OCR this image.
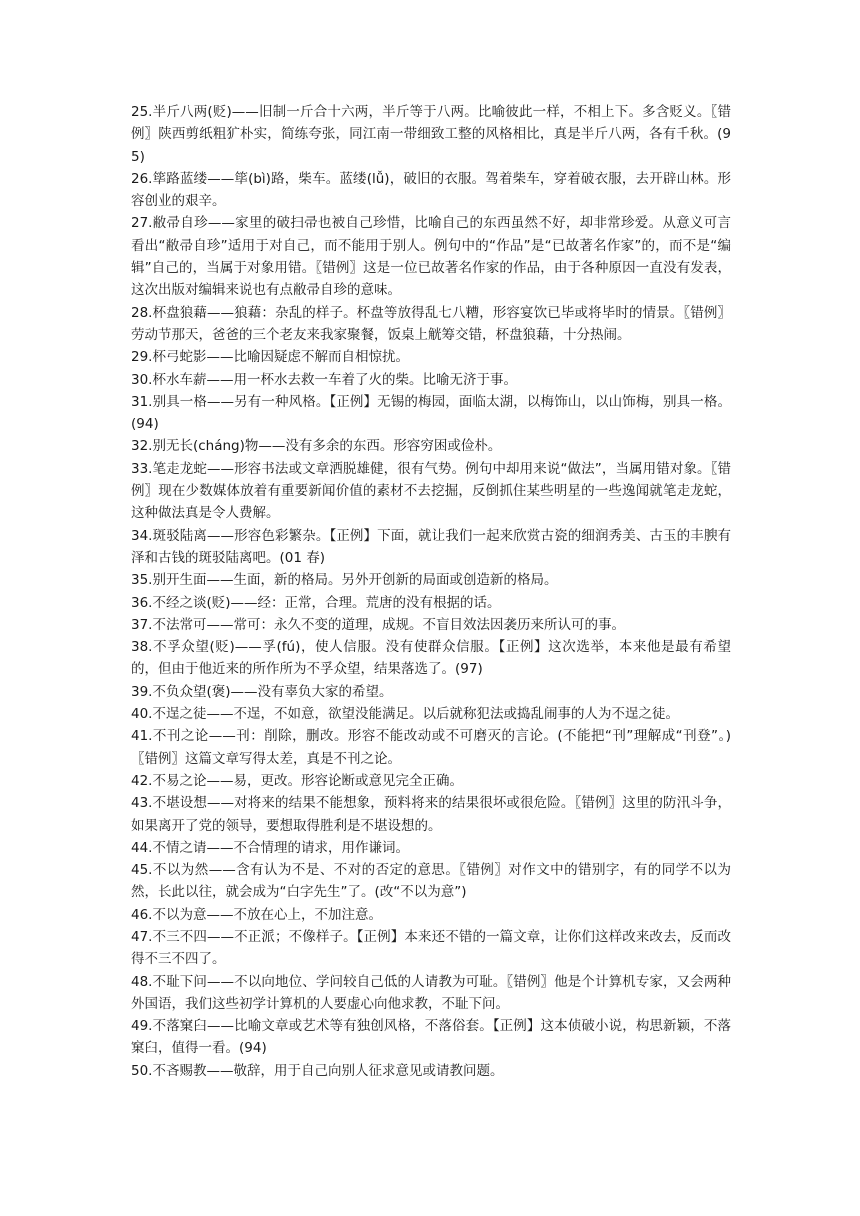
25.半斤八两(贬)——旧制一斤合十六两，半斤等于八两。比喻彼此一样，不相上下。多含贬义。〖错例〗陕西剪纸粗犷朴实，简练夸张，同江南一带细致工整的风格相比，真是半斤八两，各有千秋。(95)

26.筚路蓝缕——筚(bì)路，柴车。蓝缕(lǚ)，破旧的衣服。驾着柴车，穿着破衣服，去开辟山林。形容创业的艰辛。

27.敝帚自珍——家里的破扫帚也被自己珍惜，比喻自己的东西虽然不好，却非常珍爱。从意义可言看出“敝帚自珍”适用于对自己，而不能用于别人。例句中的“作品”是“已故著名作家”的，而不是“编辑”自己的，当属于对象用错。〖错例〗这是一位已故著名作家的作品，由于各种原因一直没有发表，这次出版对编辑来说也有点敝帚自珍的意味。

28.杯盘狼藉——狼藉：杂乱的样子。杯盘等放得乱七八糟，形容宴饮已毕或将毕时的情景。〖错例〗劳动节那天，爸爸的三个老友来我家聚餐，饭桌上觥筹交错，杯盘狼藉，十分热闹。

29.杯弓蛇影——比喻因疑虑不解而自相惊扰。

30.杯水车薪——用一杯水去救一车着了火的柴。比喻无济于事。

31.别具一格——另有一种风格。【正例】无锡的梅园，面临太湖，以梅饰山，以山饰梅，别具一格。(94)

32.别无长(cháng)物——没有多余的东西。形容穷困或俭朴。

33.笔走龙蛇——形容书法或文章洒脱雄健，很有气势。例句中却用来说“做法”，当属用错对象。〖错例〗现在少数媒体放着有重要新闻价值的素材不去挖掘，反倒抓住某些明星的一些逸闻就笔走龙蛇，这种做法真是令人费解。

34.斑驳陆离——形容色彩繁杂。【正例】下面，就让我们一起来欣赏古瓷的细润秀美、古玉的丰腴有泽和古钱的斑驳陆离吧。(01 春)

35.别开生面——生面，新的格局。另外开创新的局面或创造新的格局。

36.不经之谈(贬)——经：正常，合理。荒唐的没有根据的话。

37.不法常可——常可：永久不变的道理，成规。不盲目效法因袭历来所认可的事。

38.不孚众望(贬)——孚(fú)，使人信服。没有使群众信服。【正例】这次选举，本来他是最有希望的，但由于他近来的所作所为不孚众望，结果落选了。(97)

39.不负众望(褒)——没有辜负大家的希望。

40.不逞之徒——不逞，不如意，欲望没能满足。以后就称犯法或捣乱闹事的人为不逞之徒。

41.不刊之论——刊：削除，删改。形容不能改动或不可磨灭的言论。(不能把“刊”理解成“刊登”。)〖错例〗这篇文章写得太差，真是不刊之论。

42.不易之论——易，更改。形容论断或意见完全正确。

43.不堪设想——对将来的结果不能想象，预料将来的结果很坏或很危险。〖错例〗这里的防汛斗争，如果离开了党的领导，要想取得胜利是不堪设想的。

44.不情之请——不合情理的请求，用作谦词。

45.不以为然——含有认为不是、不对的否定的意思。〖错例〗对作文中的错别字，有的同学不以为然，长此以往，就会成为“白字先生”了。(改“不以为意”)

46.不以为意——不放在心上，不加注意。

47.不三不四——不正派；不像样子。【正例】本来还不错的一篇文章，让你们这样改来改去，反而改得不三不四了。

48.不耻下问——不以向地位、学问较自己低的人请教为可耻。〖错例〗他是个计算机专家，又会两种外国语，我们这些初学计算机的人要虚心向他求教，不耻下问。

49.不落窠臼——比喻文章或艺术等有独创风格，不落俗套。【正例】这本侦破小说，构思新颖，不落窠臼，值得一看。(94)

50.不吝赐教——敬辞，用于自己向别人征求意见或请教问题。
